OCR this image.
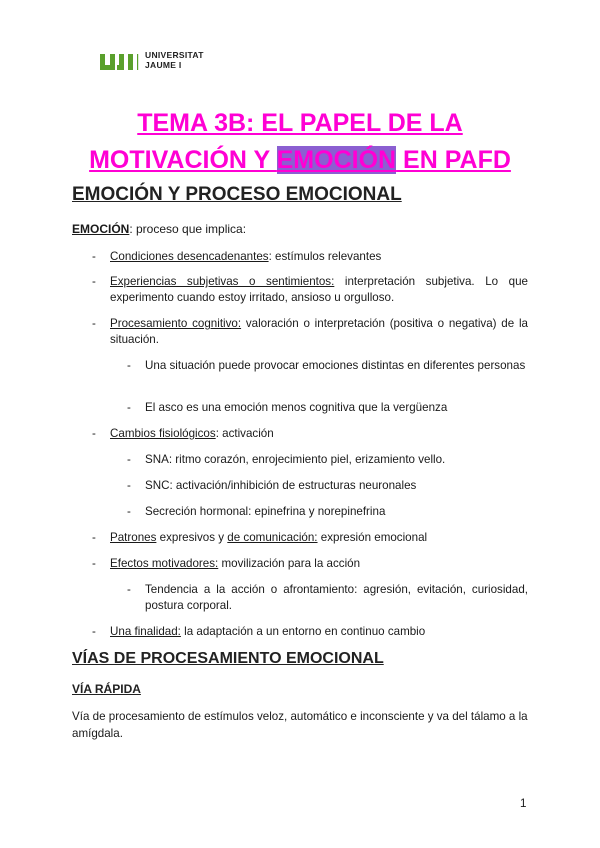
UNIVERSITAT
JAUME I
TEMA 3B: EL PAPEL DE LA
MOTIVACIÓN Y EMOCIÓN EN PAFD
EMOCIÓN Y PROCESO EMOCIONAL

EMOCIÓN: proceso que implica:

- Condiciones desencadenantes: estímulos relevantes
- Experiencias subjetivas o sentimientos: interpretación subjetiva. Lo que experimento cuando estoy irritado, ansioso u orgulloso.
- Procesamiento cognitivo: valoración o interpretación (positiva o negativa) de la situación.
- Una situación puede provocar emociones distintas en diferentes personas
- El asco es una emoción menos cognitiva que la vergüenza
- Cambios fisiológicos: activación
- SNA: ritmo corazón, enrojecimiento piel, erizamiento vello.
- SNC: activación/inhibición de estructuras neuronales
- Secreción hormonal: epinefrina y norepinefrina
- Patrones expresivos y de comunicación: expresión emocional
- Efectos motivadores: movilización para la acción
- Tendencia a la acción o afrontamiento: agresión, evitación, curiosidad, postura corporal.
- Una finalidad: la adaptación a un entorno en continuo cambio
VÍAS DE PROCESAMIENTO EMOCIONAL
VÍA RÁPIDA

Vía de procesamiento de estímulos veloz, automático e inconsciente y va del tálamo a la amígdala.

1
